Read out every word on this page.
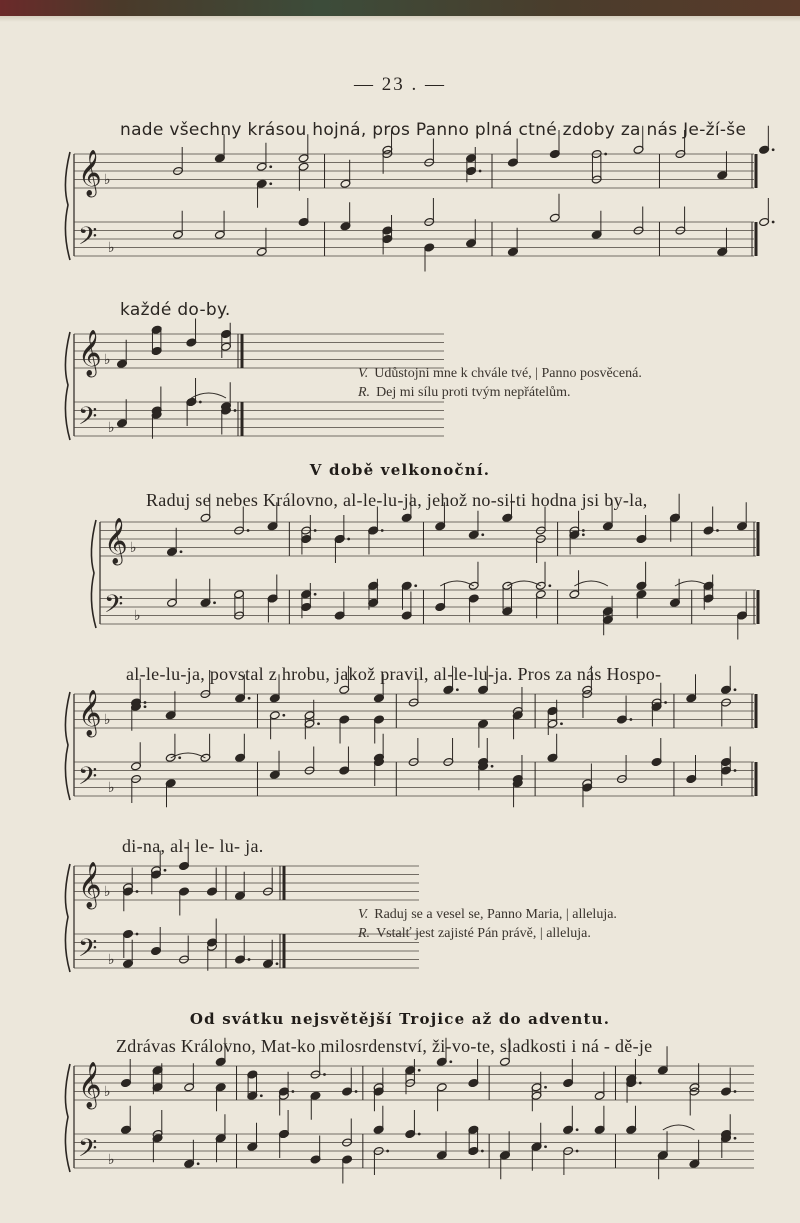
— 23 . —
nade všechny krásou hojná, pros Panno plná ctné zdoby za nás Je-ží-še
𝄞 ♭
𝄢 ♭
každé do-by.
𝄞 ♭
𝄢 ♭
V. Udůstojni mne k chvále tvé, | Panno posvěcená.
R. Dej mi sílu proti tvým nepřátelům.
V době velkonoční.
Raduj se nebes Královno, al-le-lu-ja, jehož no-si-ti hodna jsi by-la,
𝄞 ♭
𝄢 ♭
al-le-lu-ja, povstal z hrobu, jakož pravil, al-le-lu-ja. Pros za nás Hospo-
𝄞 ♭
𝄢 ♭
di-na, al- le- lu- ja.
𝄞 ♭
𝄢 ♭
V. Raduj se a vesel se, Panno Maria, | alleluja.
R. Vstalť jest zajisté Pán právě, | alleluja.
Od svátku nejsvětější Trojice až do adventu.
Zdrávas Královno, Mat-ko milosrdenství, ži-vo-te, sladkosti i ná - dě-je
𝄞 ♭
𝄢 ♭
